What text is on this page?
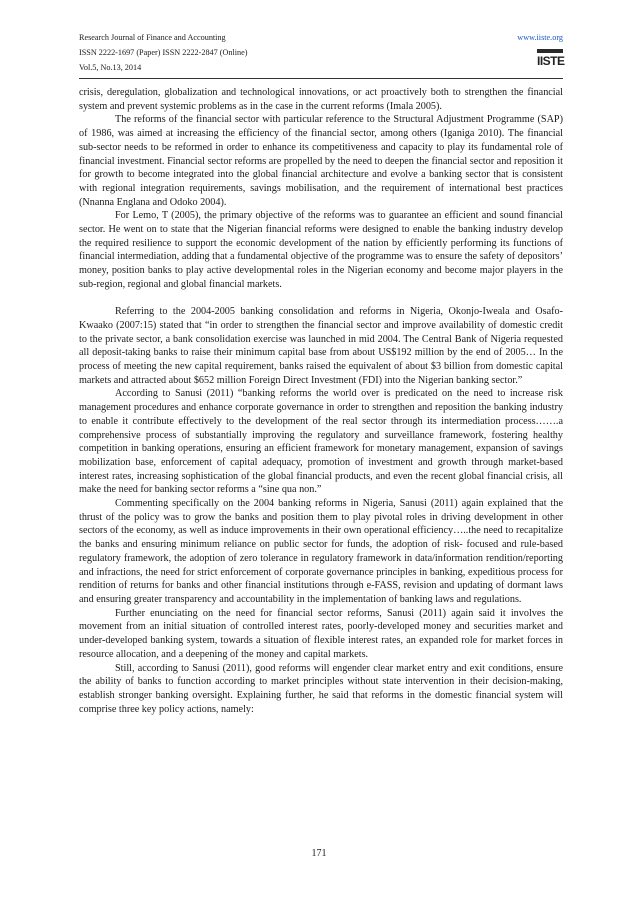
Research Journal of Finance and Accounting
ISSN 2222-1697 (Paper) ISSN 2222-2847 (Online)
Vol.5, No.13, 2014
www.iiste.org
IISTE

crisis, deregulation, globalization and technological innovations, or act proactively both to strengthen the financial system and prevent systemic problems as in the case in the current reforms (Imala 2005).

The reforms of the financial sector with particular reference to the Structural Adjustment Programme (SAP) of 1986, was aimed at increasing the efficiency of the financial sector, among others (Iganiga 2010). The financial sub-sector needs to be reformed in order to enhance its competitiveness and capacity to play its fundamental role of financial investment. Financial sector reforms are propelled by the need to deepen the financial sector and reposition it for growth to become integrated into the global financial architecture and evolve a banking sector that is consistent with regional integration requirements, savings mobilisation, and the requirement of international best practices (Nnanna Englana and Odoko 2004).

For Lemo, T (2005), the primary objective of the reforms was to guarantee an efficient and sound financial sector. He went on to state that the Nigerian financial reforms were designed to enable the banking industry develop the required resilience to support the economic development of the nation by efficiently performing its functions of financial intermediation, adding that a fundamental objective of the programme was to ensure the safety of depositors’ money, position banks to play active developmental roles in the Nigerian economy and become major players in the sub-region, regional and global financial markets.

Referring to the 2004-2005 banking consolidation and reforms in Nigeria, Okonjo-Iweala and Osafo- Kwaako (2007:15) stated that “in order to strengthen the financial sector and improve availability of domestic credit to the private sector, a bank consolidation exercise was launched in mid 2004. The Central Bank of Nigeria requested all deposit-taking banks to raise their minimum capital base from about US$192 million by the end of 2005… In the process of meeting the new capital requirement, banks raised the equivalent of about $3 billion from domestic capital markets and attracted about $652 million Foreign Direct Investment (FDI) into the Nigerian banking sector.”

According to Sanusi (2011) “banking reforms the world over is predicated on the need to increase risk management procedures and enhance corporate governance in order to strengthen and reposition the banking industry to enable it contribute effectively to the development of the real sector through its intermediation process…….a comprehensive process of substantially improving the regulatory and surveillance framework, fostering healthy competition in banking operations, ensuring an efficient framework for monetary management, expansion of savings mobilization base, enforcement of capital adequacy, promotion of investment and growth through market-based interest rates, increasing sophistication of the global financial products, and even the recent global financial crisis, all make the need for banking sector reforms a “sine qua non.”

Commenting specifically on the 2004 banking reforms in Nigeria, Sanusi (2011) again explained that the thrust of the policy was to grow the banks and position them to play pivotal roles in driving development in other sectors of the economy, as well as induce improvements in their own operational efficiency…..the need to recapitalize the banks and ensuring minimum reliance on public sector for funds, the adoption of risk- focused and rule-based regulatory framework, the adoption of zero tolerance in regulatory framework in data/information rendition/reporting and infractions, the need for strict enforcement of corporate governance principles in banking, expeditious process for rendition of returns for banks and other financial institutions through e-FASS, revision and updating of dormant laws and ensuring greater transparency and accountability in the implementation of banking laws and regulations.

Further enunciating on the need for financial sector reforms, Sanusi (2011) again said it involves the movement from an initial situation of controlled interest rates, poorly-developed money and securities market and under-developed banking system, towards a situation of flexible interest rates, an expanded role for market forces in resource allocation, and a deepening of the money and capital markets.

Still, according to Sanusi (2011), good reforms will engender clear market entry and exit conditions, ensure the ability of banks to function according to market principles without state intervention in their decision-making, establish stronger banking oversight. Explaining further, he said that reforms in the domestic financial system will comprise three key policy actions, namely:

171
